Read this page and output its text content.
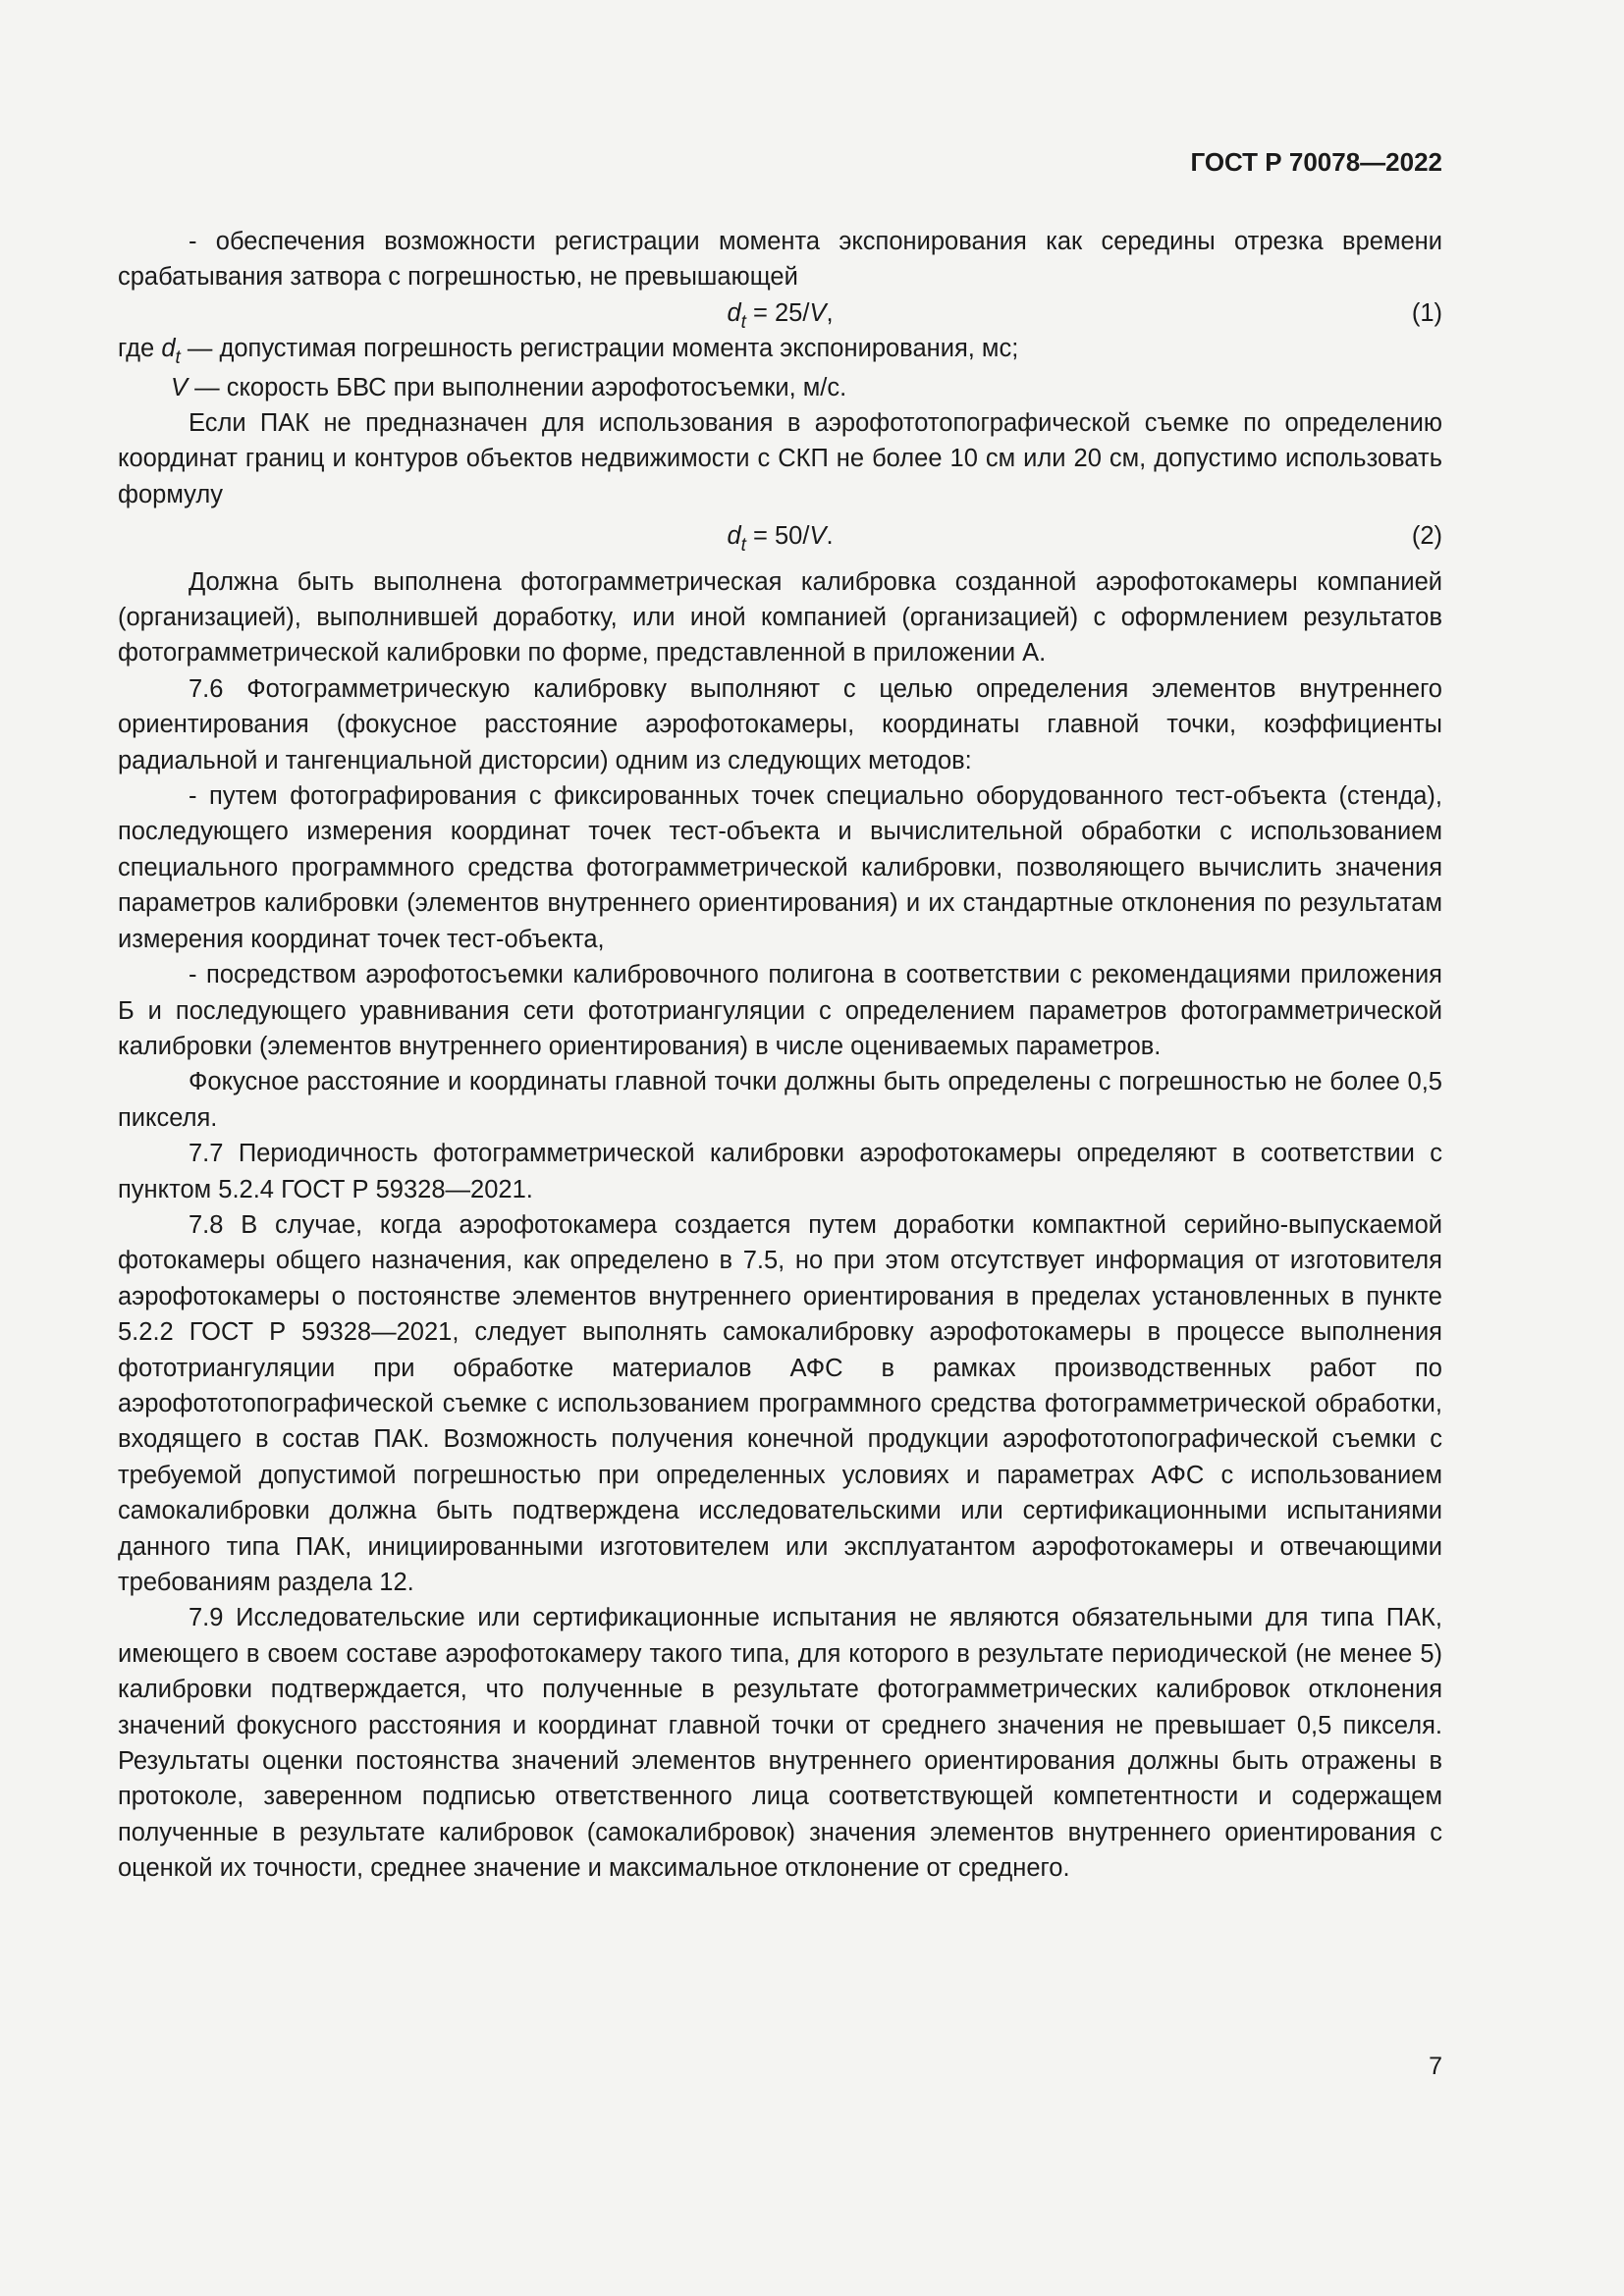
ГОСТ Р 70078—2022

- обеспечения возможности регистрации момента экспонирования как середины отрезка времени срабатывания затвора с погрешностью, не превышающей

$d_t = 25/V$,	(1)

где $d_t$ — допустимая погрешность регистрации момента экспонирования, мс;

V — скорость БВС при выполнении аэрофотосъемки, м/с.

Если ПАК не предназначен для использования в аэрофототопографической съемке по определению координат границ и контуров объектов недвижимости с СКП не более 10 см или 20 см, допустимо использовать формулу

$d_t = 50/V$.	(2)

Должна быть выполнена фотограмметрическая калибровка созданной аэрофотокамеры компанией (организацией), выполнившей доработку, или иной компанией (организацией) с оформлением результатов фотограмметрической калибровки по форме, представленной в приложении А.

7.6 Фотограмметрическую калибровку выполняют с целью определения элементов внутреннего ориентирования (фокусное расстояние аэрофотокамеры, координаты главной точки, коэффициенты радиальной и тангенциальной дисторсии) одним из следующих методов:

- путем фотографирования с фиксированных точек специально оборудованного тест-объекта (стенда), последующего измерения координат точек тест-объекта и вычислительной обработки с использованием специального программного средства фотограмметрической калибровки, позволяющего вычислить значения параметров калибровки (элементов внутреннего ориентирования) и их стандартные отклонения по результатам измерения координат точек тест-объекта,

- посредством аэрофотосъемки калибровочного полигона в соответствии с рекомендациями приложения Б и последующего уравнивания сети фототриангуляции с определением параметров фотограмметрической калибровки (элементов внутреннего ориентирования) в числе оцениваемых параметров.

Фокусное расстояние и координаты главной точки должны быть определены с погрешностью не более 0,5 пикселя.

7.7 Периодичность фотограмметрической калибровки аэрофотокамеры определяют в соответствии с пунктом 5.2.4 ГОСТ Р 59328—2021.

7.8 В случае, когда аэрофотокамера создается путем доработки компактной серийно-выпускаемой фотокамеры общего назначения, как определено в 7.5, но при этом отсутствует информация от изготовителя аэрофотокамеры о постоянстве элементов внутреннего ориентирования в пределах установленных в пункте 5.2.2 ГОСТ Р 59328—2021, следует выполнять самокалибровку аэрофотокамеры в процессе выполнения фототриангуляции при обработке материалов АФС в рамках производственных работ по аэрофототопографической съемке с использованием программного средства фотограмметрической обработки, входящего в состав ПАК. Возможность получения конечной продукции аэрофототопографической съемки с требуемой допустимой погрешностью при определенных условиях и параметрах АФС с использованием самокалибровки должна быть подтверждена исследовательскими или сертификационными испытаниями данного типа ПАК, инициированными изготовителем или эксплуатантом аэрофотокамеры и отвечающими требованиям раздела 12.

7.9 Исследовательские или сертификационные испытания не являются обязательными для типа ПАК, имеющего в своем составе аэрофотокамеру такого типа, для которого в результате периодической (не менее 5) калибровки подтверждается, что полученные в результате фотограмметрических калибровок отклонения значений фокусного расстояния и координат главной точки от среднего значения не превышает 0,5 пикселя. Результаты оценки постоянства значений элементов внутреннего ориентирования должны быть отражены в протоколе, заверенном подписью ответственного лица соответствующей компетентности и содержащем полученные в результате калибровок (самокалибровок) значения элементов внутреннего ориентирования с оценкой их точности, среднее значение и максимальное отклонение от среднего.

7
